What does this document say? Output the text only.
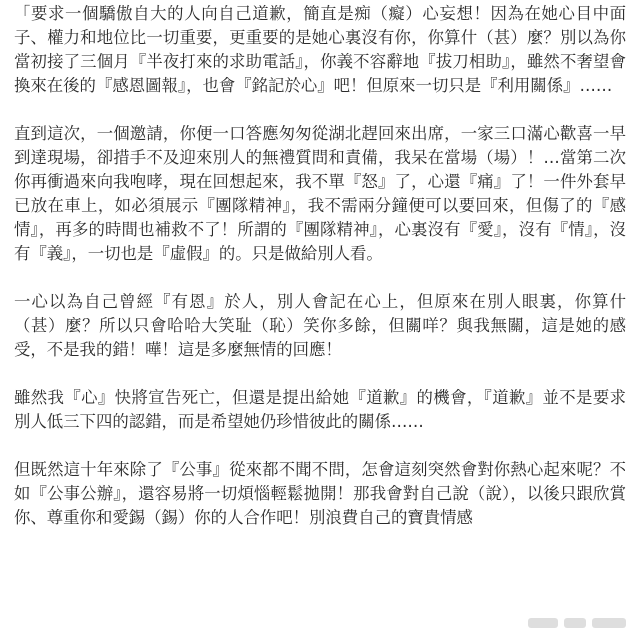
「要求一個驕傲自大的人向自己道歉，簡直是痴（癡）心妄想！因為在她心目中面子、權力和地位比一切重要，更重要的是她心裏沒有你，你算什（甚）麼？別以為你當初接了三個月『半夜打來的求助電話』，你義不容辭地『拔刀相助』，雖然不奢望會換來在後的『感恩圖報』，也會『銘記於心』吧！但原來一切只是『利用關係』……

直到這次，一個邀請，你便一口答應匆匆從湖北趕回來出席，一家三口滿心歡喜一早到達現場，卻措手不及迎來別人的無禮質問和責備，我呆在當場（場）！…當第二次你再衝過來向我咆哮，現在回想起來，我不單『怒』了，心還『痛』了！一件外套早已放在車上，如必須展示『團隊精神』，我不需兩分鐘便可以要回來，但傷了的『感情』，再多的時間也補救不了！所謂的『團隊精神』，心裏沒有『愛』，沒有『情』，沒有『義』，一切也是『虛假』的。只是做給別人看。

一心以為自己曾經『有恩』於人，別人會記在心上，但原來在別人眼裏，你算什（甚）麼？所以只會哈哈大笑耻（恥）笑你多餘，但關咩？與我無關，這是她的感受，不是我的錯！嘩！這是多麼無情的回應！

雖然我『心』快將宣告死亡，但還是提出給她『道歉』的機會，『道歉』並不是要求別人低三下四的認錯，而是希望她仍珍惜彼此的關係……

但既然這十年來除了『公事』從來都不聞不問，怎會這刻突然會對你熱心起來呢？不如『公事公辦』，還容易將一切煩惱輕鬆拋開！那我會對自己說（說），以後只跟欣賞你、尊重你和愛錫（錫）你的人合作吧！別浪費自己的寶貴情感
